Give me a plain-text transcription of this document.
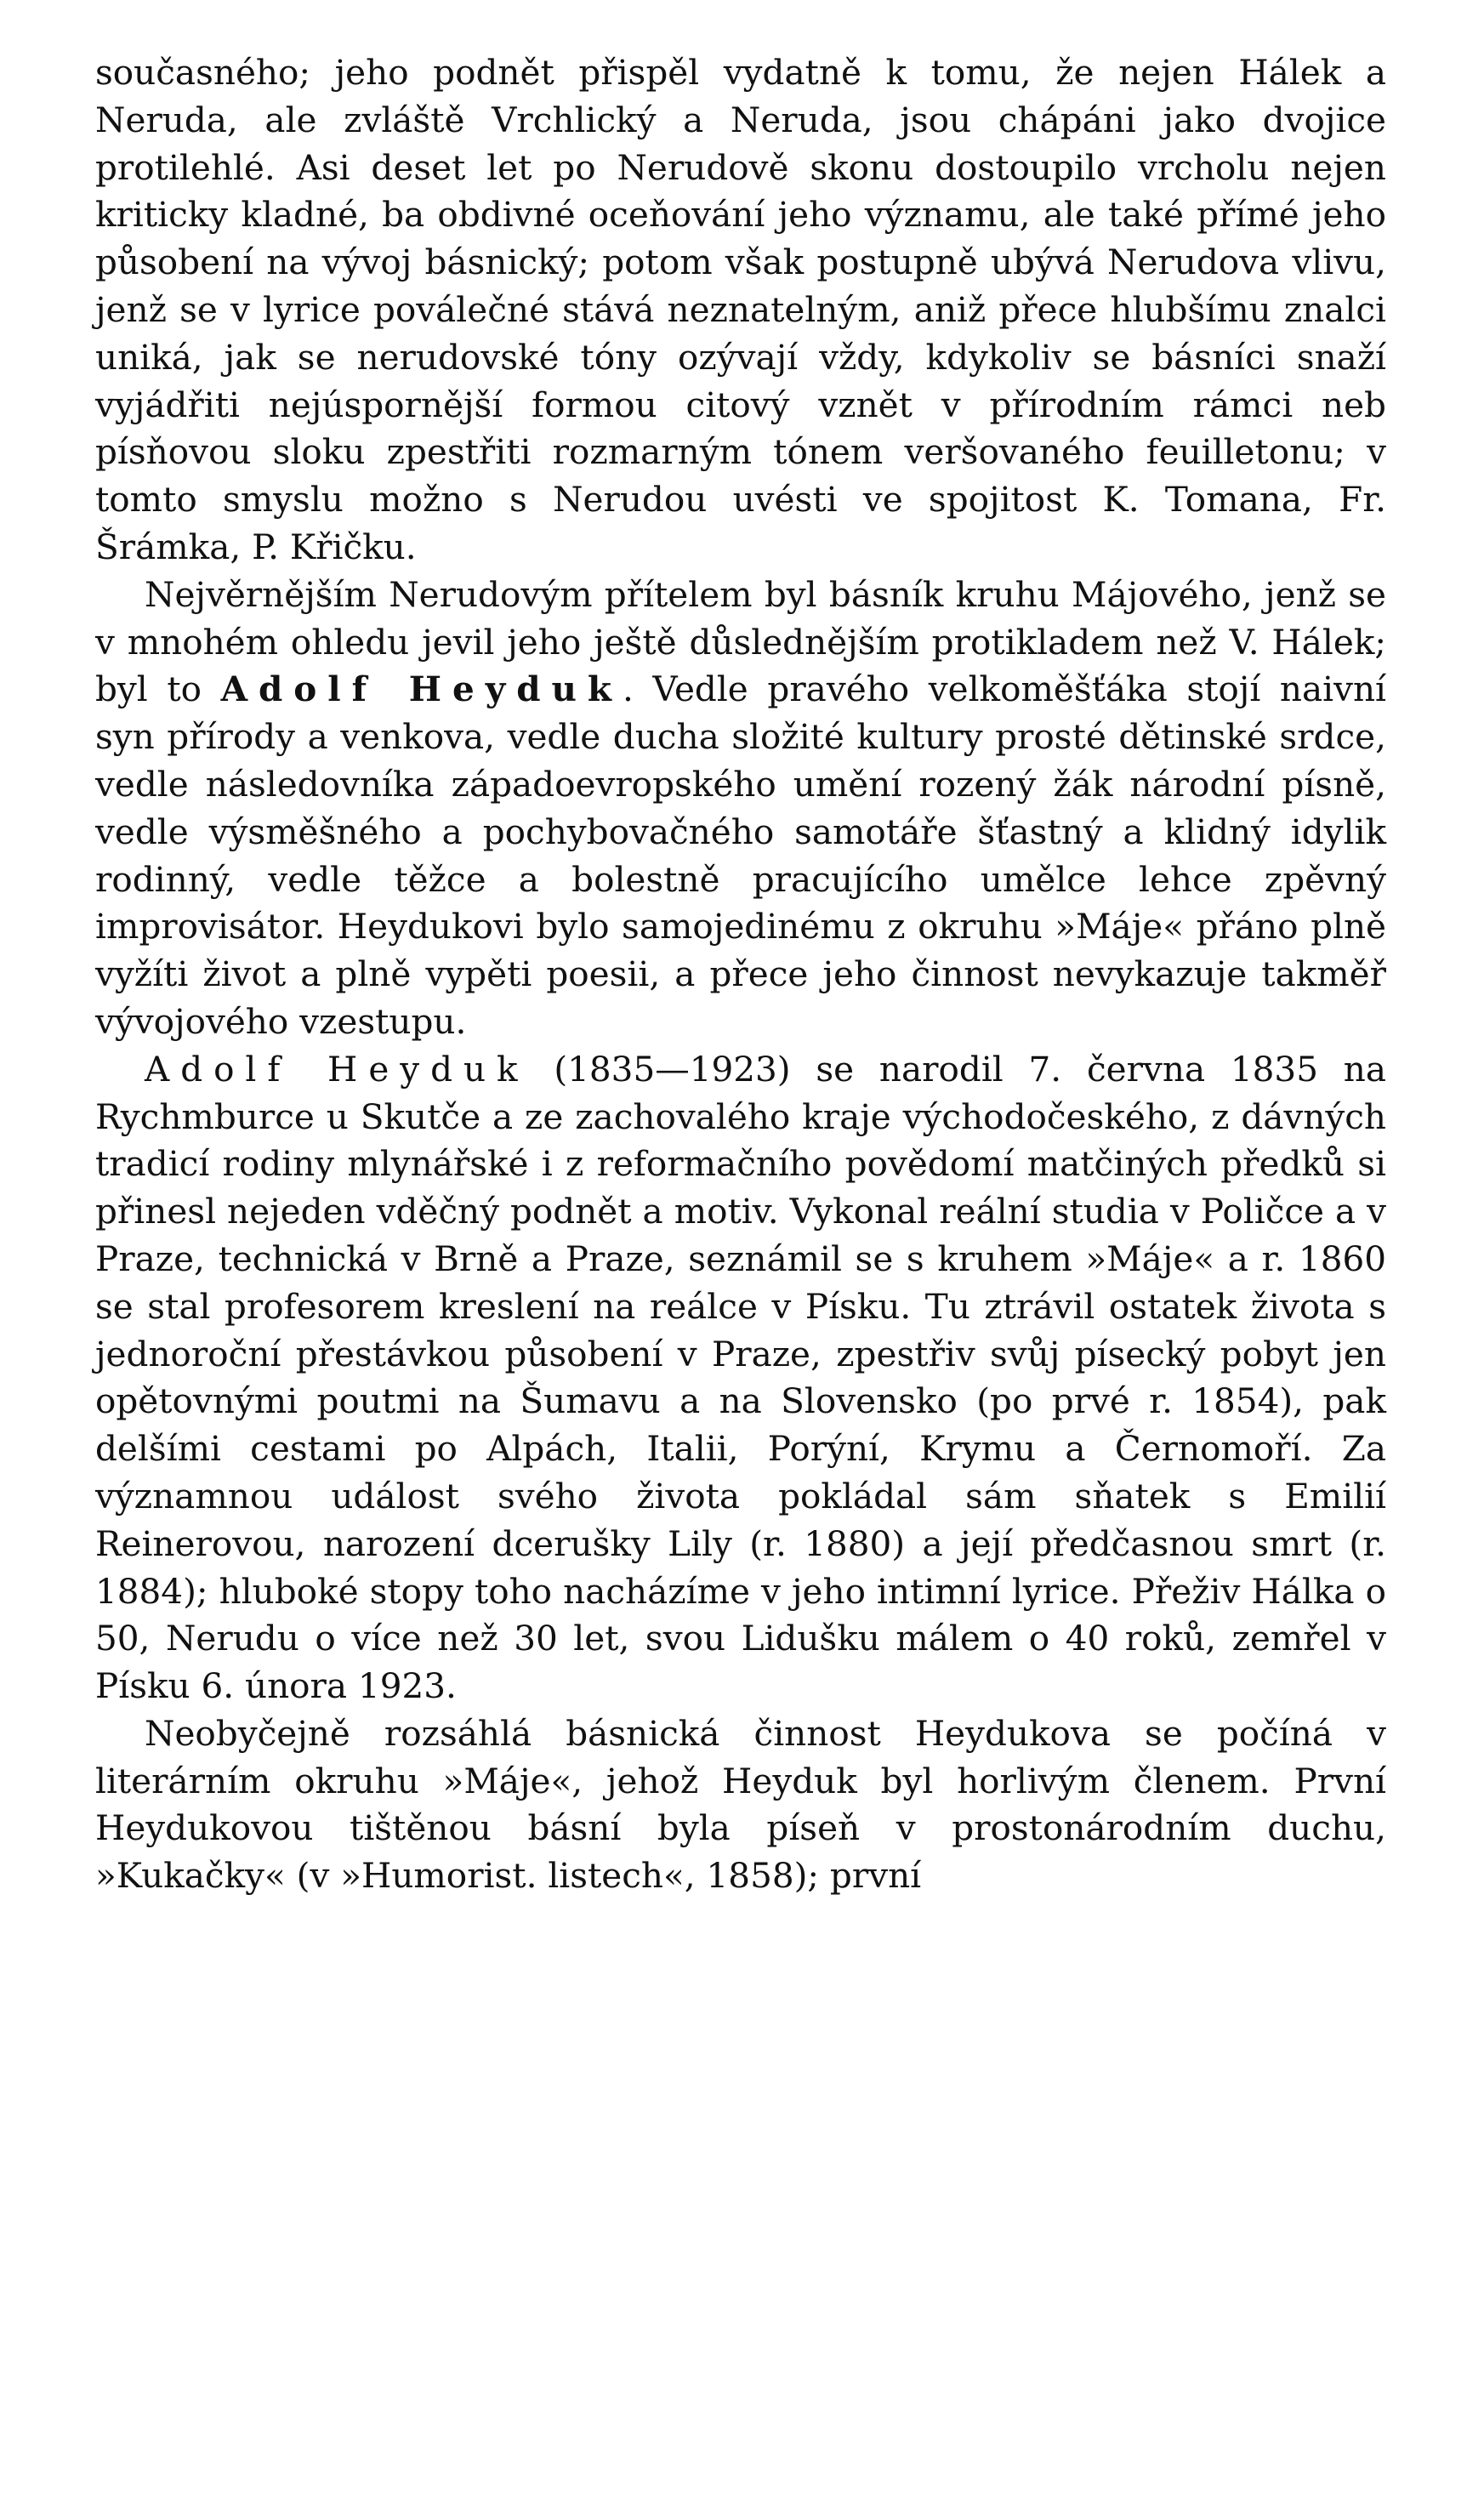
současného; jeho podnět přispěl vydatně k tomu, že nejen Hálek a Neruda, ale zvláště Vrchlický a Neruda, jsou chápáni jako dvojice protilehlé. Asi deset let po Nerudově skonu dostoupilo vrcholu nejen kriticky kladné, ba obdivné oceňování jeho významu, ale také přímé jeho působení na vývoj básnický; potom však postupně ubývá Nerudova vlivu, jenž se v lyrice poválečné stává neznatelným, aniž přece hlubšímu znalci uniká, jak se nerudovské tóny ozývají vždy, kdykoliv se básníci snaží vyjádřiti nejúspornější formou citový vznět v přírodním rámci neb písňovou sloku zpestřiti rozmarným tónem veršovaného feuilletonu; v tomto smyslu možno s Nerudou uvésti ve spojitost K. Tomana, Fr. Šrámka, P. Křičku.

Nejvěrnějším Nerudovým přítelem byl básník kruhu Májového, jenž se v mnohém ohledu jevil jeho ještě důslednějším protikladem než V. Hálek; byl to Adolf Heyduk. Vedle pravého velkoměšťáka stojí naivní syn přírody a venkova, vedle ducha složité kultury prosté dětinské srdce, vedle následovníka západoevropského umění rozený žák národní písně, vedle výsměšného a pochybovačného samotáře šťastný a klidný idylik rodinný, vedle těžce a bolestně pracujícího umělce lehce zpěvný improvisátor. Heydukovi bylo samojedinému z okruhu »Máje« přáno plně vyžíti život a plně vypěti poesii, a přece jeho činnost nevykazuje takměř vývojového vzestupu.

Adolf Heyduk (1835—1923) se narodil 7. června 1835 na Rychmburce u Skutče a ze zachovalého kraje východočeského, z dávných tradicí rodiny mlynářské i z reformačního povědomí matčiných předků si přinesl nejeden vděčný podnět a motiv. Vykonal reální studia v Poličce a v Praze, technická v Brně a Praze, seznámil se s kruhem »Máje« a r. 1860 se stal profesorem kreslení na reálce v Písku. Tu ztrávil ostatek života s jednoroční přestávkou působení v Praze, zpestřiv svůj písecký pobyt jen opětovnými poutmi na Šumavu a na Slovensko (po prvé r. 1854), pak delšími cestami po Alpách, Italii, Porýní, Krymu a Černomoří. Za významnou událost svého života pokládal sám sňatek s Emilií Reinerovou, narození dcerušky Lily (r. 1880) a její předčasnou smrt (r. 1884); hluboké stopy toho nacházíme v jeho intimní lyrice. Přeživ Hálka o 50, Nerudu o více než 30 let, svou Lidušku málem o 40 roků, zemřel v Písku 6. února 1923.

Neobyčejně rozsáhlá básnická činnost Heydukova se počíná v literárním okruhu »Máje«, jehož Heyduk byl horlivým členem. První Heydukovou tištěnou básní byla píseň v prostonárodním duchu, »Kukačky« (v »Humorist. listech«, 1858); první
